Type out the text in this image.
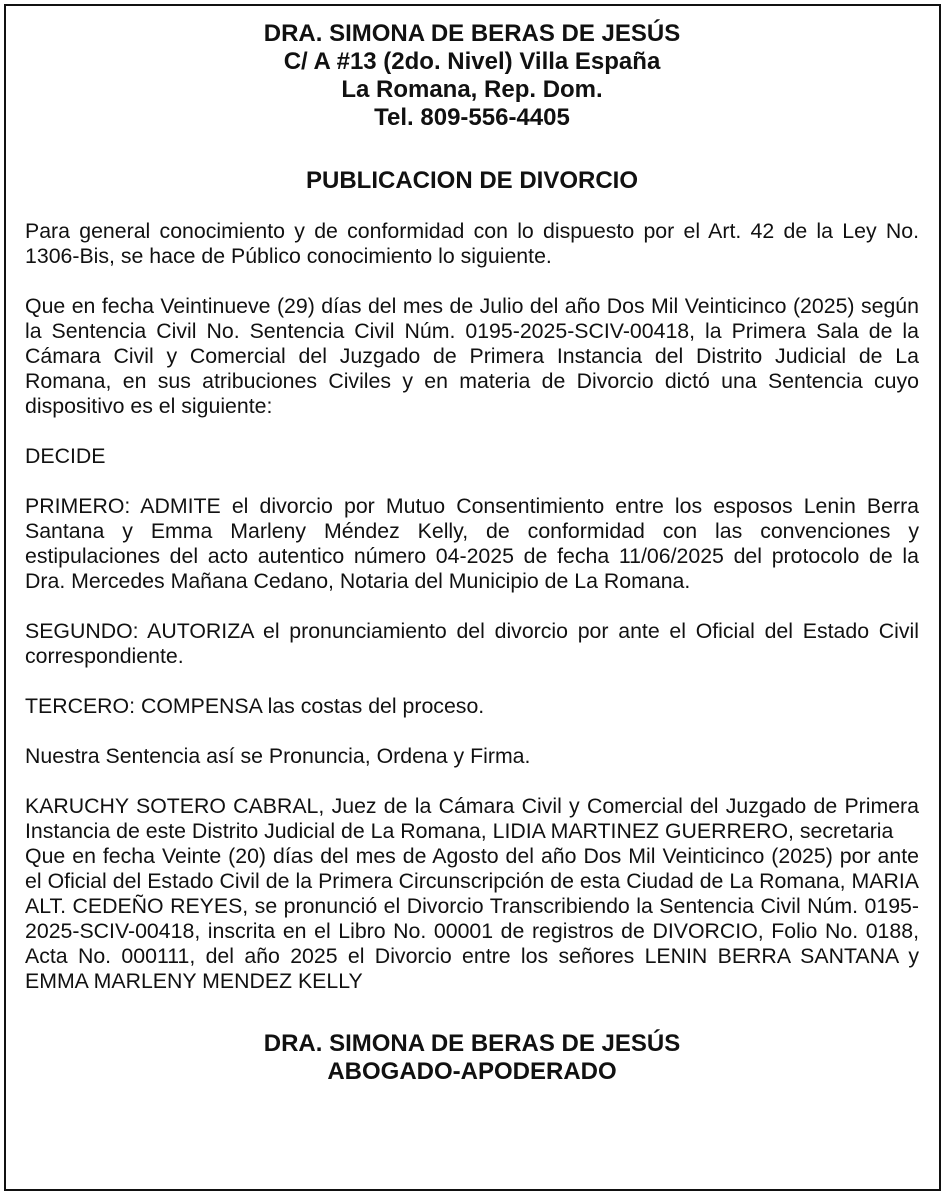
DRA. SIMONA DE BERAS DE JESÚS
C/ A #13 (2do. Nivel) Villa España
La Romana, Rep. Dom.
Tel. 809-556-4405
PUBLICACION DE DIVORCIO

Para general conocimiento y de conformidad con lo dispuesto por el Art. 42 de la Ley No. 1306-Bis, se hace de Público conocimiento lo siguiente.

Que en fecha Veintinueve (29) días del mes de Julio del año Dos Mil Veinticinco (2025) según la Sentencia Civil No. Sentencia Civil Núm. 0195-2025-SCIV-00418, la Primera Sala de la Cámara Civil y Comercial del Juzgado de Primera Instancia del Distrito Judicial de La Romana, en sus atribuciones Civiles y en materia de Divorcio dictó una Sentencia cuyo dispositivo es el siguiente:

DECIDE

PRIMERO: ADMITE el divorcio por Mutuo Consentimiento entre los esposos Lenin Berra Santana y Emma Marleny Méndez Kelly, de conformidad con las convenciones y estipulaciones del acto autentico número 04-2025 de fecha 11/06/2025 del protocolo de la Dra. Mercedes Mañana Cedano, Notaria del Municipio de La Romana.

SEGUNDO: AUTORIZA el pronunciamiento del divorcio por ante el Oficial del Estado Civil correspondiente.

TERCERO: COMPENSA las costas del proceso.

Nuestra Sentencia así se Pronuncia, Ordena y Firma.

KARUCHY SOTERO CABRAL, Juez de la Cámara Civil y Comercial del Juzgado de Primera Instancia de este Distrito Judicial de La Romana, LIDIA MARTINEZ GUERRERO, secretaria

Que en fecha Veinte (20) días del mes de Agosto del año Dos Mil Veinticinco (2025) por ante el Oficial del Estado Civil de la Primera Circunscripción de esta Ciudad de La Romana, MARIA ALT. CEDEÑO REYES, se pronunció el Divorcio Transcribiendo la Sentencia Civil Núm. 0195-2025-SCIV-00418, inscrita en el Libro No. 00001 de registros de DIVORCIO, Folio No. 0188, Acta No. 000111, del año 2025 el Divorcio entre los señores LENIN BERRA SANTANA y EMMA MARLENY MENDEZ KELLY

DRA. SIMONA DE BERAS DE JESÚS
ABOGADO-APODERADO
